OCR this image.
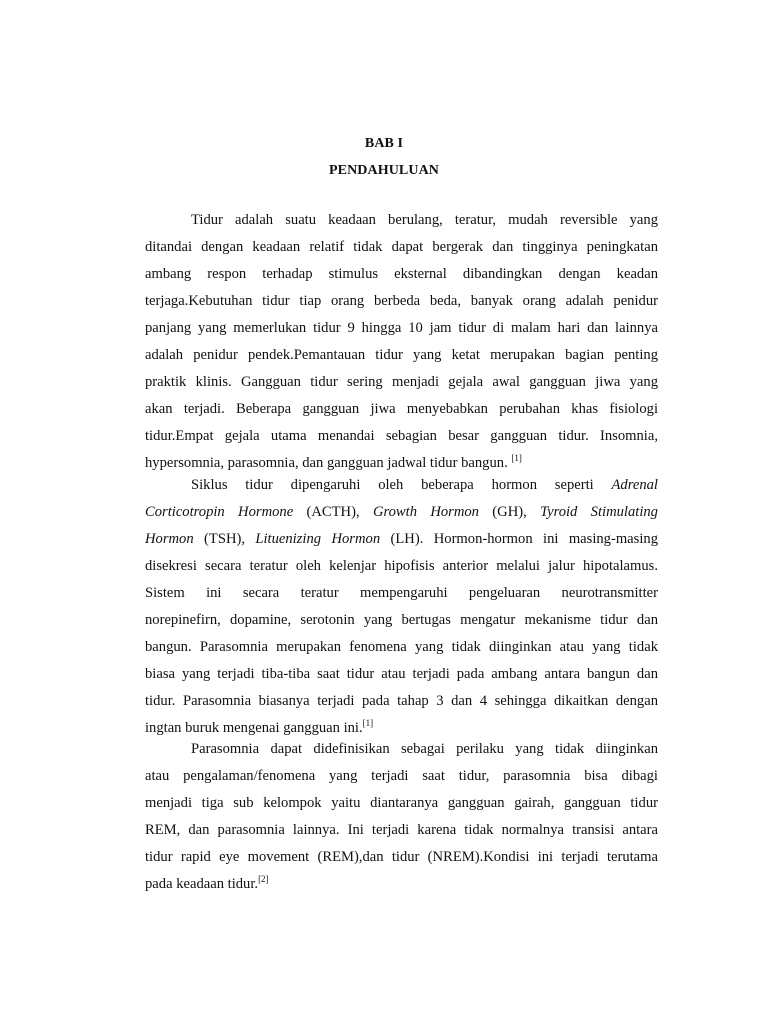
BAB I
PENDAHULUAN
Tidur adalah suatu keadaan berulang, teratur, mudah reversible yang
ditandai dengan keadaan relatif tidak dapat bergerak dan tingginya peningkatan
ambang respon terhadap stimulus eksternal dibandingkan dengan keadan
terjaga.Kebutuhan tidur tiap orang berbeda beda, banyak orang adalah penidur
panjang yang memerlukan tidur 9 hingga 10 jam tidur di malam hari dan lainnya
adalah penidur pendek.Pemantauan tidur yang ketat merupakan bagian penting
praktik klinis. Gangguan tidur sering menjadi gejala awal gangguan jiwa yang
akan terjadi. Beberapa gangguan jiwa menyebabkan perubahan khas fisiologi
tidur.Empat gejala utama menandai sebagian besar gangguan tidur. Insomnia,
hypersomnia, parasomnia, dan gangguan jadwal tidur bangun. [1]
Siklus tidur dipengaruhi oleh beberapa hormon seperti Adrenal
Corticotropin Hormone (ACTH), Growth Hormon (GH), Tyroid Stimulating
Hormon (TSH), Lituenizing Hormon (LH). Hormon-hormon ini masing-masing
disekresi secara teratur oleh kelenjar hipofisis anterior melalui jalur hipotalamus.
Sistem ini secara teratur mempengaruhi pengeluaran neurotransmitter
norepinefirn, dopamine, serotonin yang bertugas mengatur mekanisme tidur dan
bangun. Parasomnia merupakan fenomena yang tidak diinginkan atau yang tidak
biasa yang terjadi tiba-tiba saat tidur atau terjadi pada ambang antara bangun dan
tidur. Parasomnia biasanya terjadi pada tahap 3 dan 4 sehingga dikaitkan dengan
ingtan buruk mengenai gangguan ini.[1]
Parasomnia dapat didefinisikan sebagai perilaku yang tidak diinginkan
atau pengalaman/fenomena yang terjadi saat tidur, parasomnia bisa dibagi
menjadi tiga sub kelompok yaitu diantaranya gangguan gairah, gangguan tidur
REM, dan parasomnia lainnya. Ini terjadi karena tidak normalnya transisi antara
tidur rapid eye movement (REM),dan tidur (NREM).Kondisi ini terjadi terutama
pada keadaan tidur.[2]
